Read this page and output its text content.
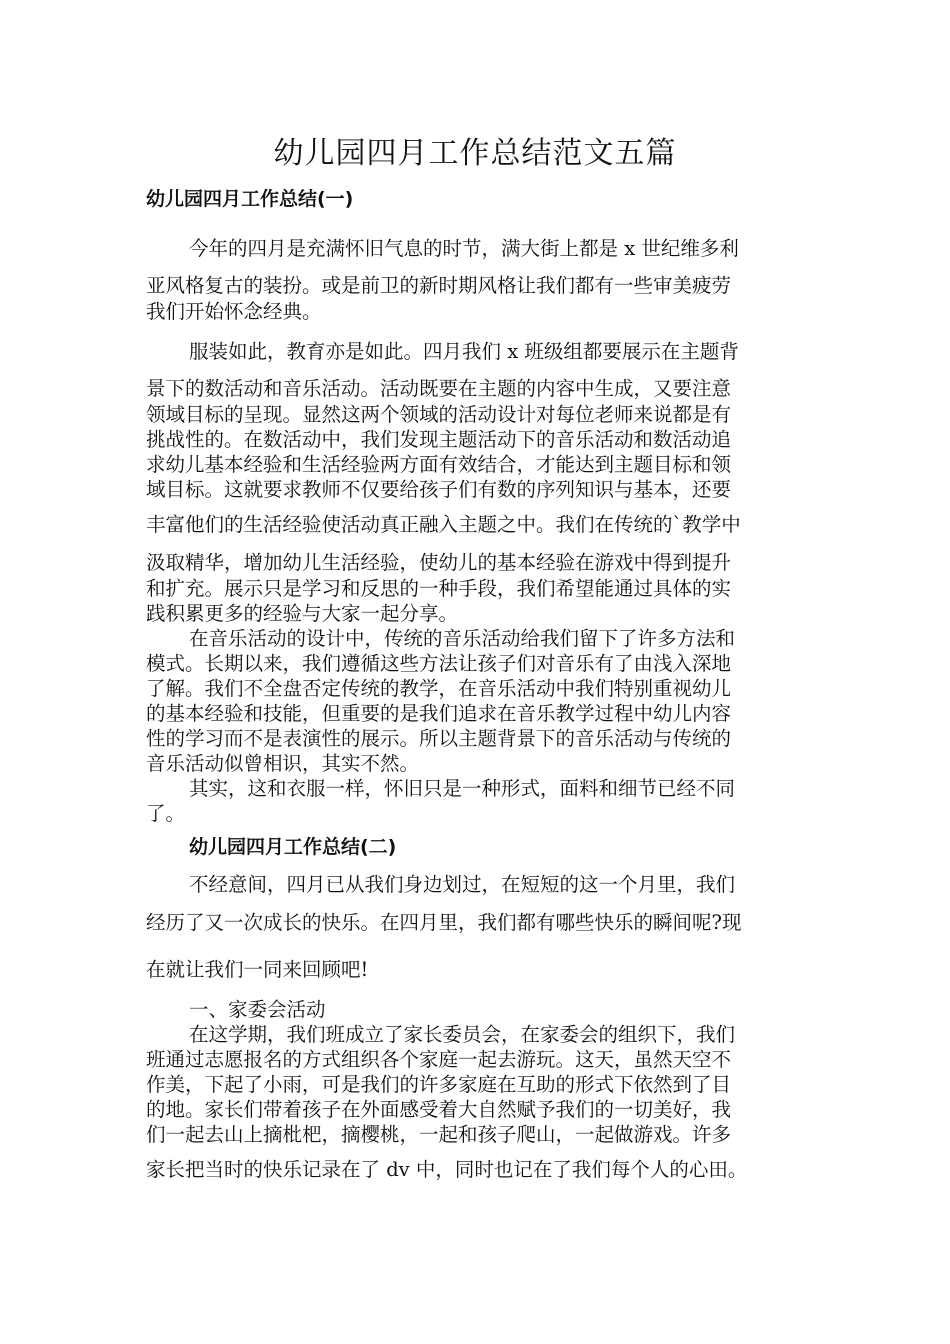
幼儿园四月工作总结范文五篇
幼儿园四月工作总结(一)

今年的四月是充满怀旧气息的时节，满大街上都是 x 世纪维多利

亚风格复古的装扮。或是前卫的新时期风格让我们都有一些审美疲劳

我们开始怀念经典。

服装如此，教育亦是如此。四月我们 x 班级组都要展示在主题背

景下的数活动和音乐活动。活动既要在主题的内容中生成，又要注意

领域目标的呈现。显然这两个领域的活动设计对每位老师来说都是有

挑战性的。在数活动中，我们发现主题活动下的音乐活动和数活动追

求幼儿基本经验和生活经验两方面有效结合，才能达到主题目标和领

域目标。这就要求教师不仅要给孩子们有数的序列知识与基本，还要

丰富他们的生活经验使活动真正融入主题之中。我们在传统的`教学中

汲取精华，增加幼儿生活经验，使幼儿的基本经验在游戏中得到提升

和扩充。展示只是学习和反思的一种手段，我们希望能通过具体的实

践积累更多的经验与大家一起分享。

在音乐活动的设计中，传统的音乐活动给我们留下了许多方法和

模式。长期以来，我们遵循这些方法让孩子们对音乐有了由浅入深地

了解。我们不全盘否定传统的教学，在音乐活动中我们特别重视幼儿

的基本经验和技能，但重要的是我们追求在音乐教学过程中幼儿内容

性的学习而不是表演性的展示。所以主题背景下的音乐活动与传统的

音乐活动似曾相识，其实不然。

其实，这和衣服一样，怀旧只是一种形式，面料和细节已经不同

了。

幼儿园四月工作总结(二)

不经意间，四月已从我们身边划过，在短短的这一个月里，我们

经历了又一次成长的快乐。在四月里，我们都有哪些快乐的瞬间呢?现

在就让我们一同来回顾吧!

一、家委会活动

在这学期，我们班成立了家长委员会，在家委会的组织下，我们

班通过志愿报名的方式组织各个家庭一起去游玩。这天，虽然天空不

作美，下起了小雨，可是我们的许多家庭在互助的形式下依然到了目

的地。家长们带着孩子在外面感受着大自然赋予我们的一切美好，我

们一起去山上摘枇杷，摘樱桃，一起和孩子爬山，一起做游戏。许多

家长把当时的快乐记录在了 dv 中，同时也记在了我们每个人的心田。
